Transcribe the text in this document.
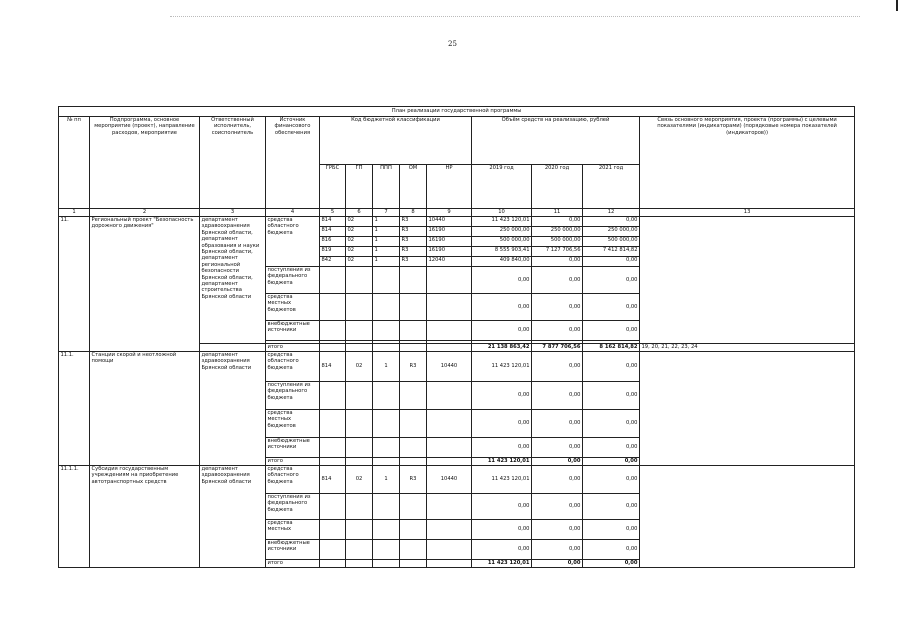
25
План реализации государственной программы												
№ пп	Подпрограмма, основное мероприятие (проект), направление расходов, мероприятие	Ответственный исполнитель, соисполнитель	Источник финансового обеспечения	Код бюджетной классификации					Объём средств на реализацию, рублей			Связь основного мероприятия, проекта (программы) с целевыми показателями (индикаторами) (порядковые номера показателей (индикаторов))
				ГРБС	ГП	ППП	ОМ	НР	2019 год	2020 год	2021 год	
1	2	3	4	5	6	7	8	9	10	11	12	13
11.	Региональный проект "Безопасность дорожного движения"	департамент здравоохранения Брянской области, департамент образования и науки Брянской области, департамент региональной безопасности Брянской области, департамент строительства Брянской области	средства областного бюджета	814	02	1	R3	10440	11 423 120,01	0,00	0,00	
				814	02	1	R3	16190	250 000,00	250 000,00	250 000,00	
				816	02	1	R3	16190	500 000,00	500 000,00	500 000,00	
				819	02	1	R3	16190	8 555 903,41	7 127 706,56	7 412 814,82	
				842	02	1	R3	12040	409 840,00	0,00	0,00	
			поступления из федерального бюджета						0,00	0,00	0,00	
			средства местных бюджетов						0,00	0,00	0,00	
			внебюджетные источники						0,00	0,00	0,00	

			итого						21 138 863,42	7 877 706,56	8 162 814,82	19, 20, 21, 22, 23, 24
11.1.	Станции скорой и неотложной помощи	департамент здравоохранения Брянской области	средства областного бюджета	814	02	1	R3	10440	11 423 120,01	0,00	0,00	
			поступления из федерального бюджета						0,00	0,00	0,00	
			средства местных бюджетов						0,00	0,00	0,00	
			внебюджетные источники						0,00	0,00	0,00	
			итого						11 423 120,01	0,00	0,00	
11.1.1.	Субсидия государственным учреждениям на приобретение автотранспортных средств	департамент здравоохранения Брянской области	средства областного бюджета	814	02	1	R3	10440	11 423 120,01	0,00	0,00	
			поступления из федерального бюджета						0,00	0,00	0,00	
			средства местных						0,00	0,00	0,00	
			внебюджетные источники						0,00	0,00	0,00	
			итого						11 423 120,01	0,00	0,00	
